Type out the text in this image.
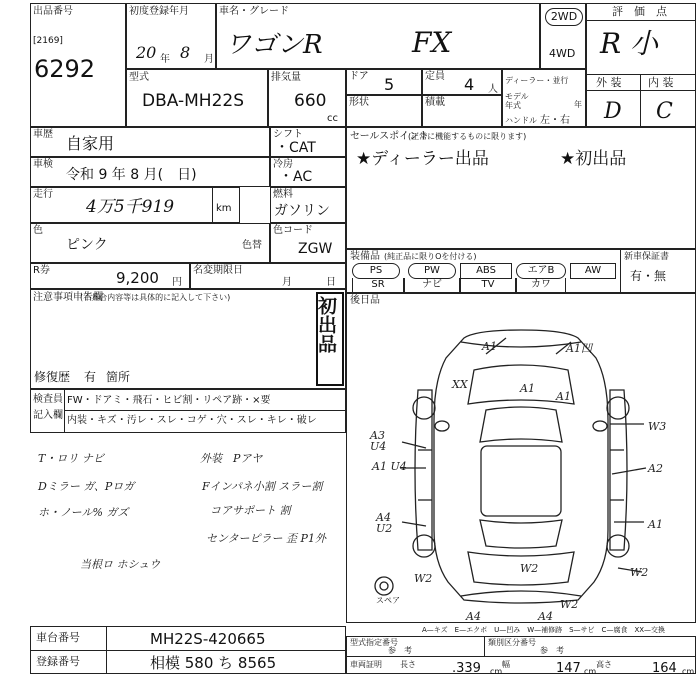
出品番号
[2169]
6292
初度登録年月
20 年 8 月
車名・グレード
ワゴンR	FX
2WD
4WD
評　価　点
R 小
外 装 内 装
D C
型式
DBA-MH22S
排気量
660
cc
ドア 5	定員 4 人
形状	積載
ディーラー・並行
モデル 年式	年
ハンドル 左・右
車歴 自家用	シフト
・CAT
車検
令和 9 年 8 月(　日)
冷房
・AC
走行
4万5千919	km
燃料
ガソリン
色
ピンク	色替
色コード
ZGW
R券	9,200 円
名変期限日
月	日
注意事項申告欄
(不具合内容等は具体的に記入して下さい)	初出品
修復歴 有 箇所
検査員
記入欄
FW・ドアミ・飛石・ヒビ割・リペア跡・×要
内装・キズ・汚レ・スレ・コゲ・穴・スレ・キレ・破レ
セールスポイント
(正常に機能するものに限ります)
★ディーラー出品	★初出品
装備品 (純正品に限りOを付ける)	新車保証書
有・無
PS	PW	ABS	エアB	AW
SR	ナビ	TV	カワ
後日品
A1	A1凹
A1
A1
XX
A3 U4
W3
A1 U4	A2
A4 U2	A1
W2
W2	W2
A4	A4
W2
スペア
A—キズ　E—エクボ　U—凹み　W—補修跡　S—サビ　C—腐食　XX—交換
T・ロリ ナビ
Dミラー ガ、Pロガ
ホ・ノール% ガズ
当根ロ ホシュウ
外装　Pアヤ
Fインパネ小割 スラー割
コアサポート 割
センターピラー 歪 P1外
車台番号	MH22S-420665
登録番号	相模 580 ち 8565
型式指定番号
参　考
類別区分番号
参　考
車両証明 長さ	.339 cm
幅	147 cm
高さ	164 cm
